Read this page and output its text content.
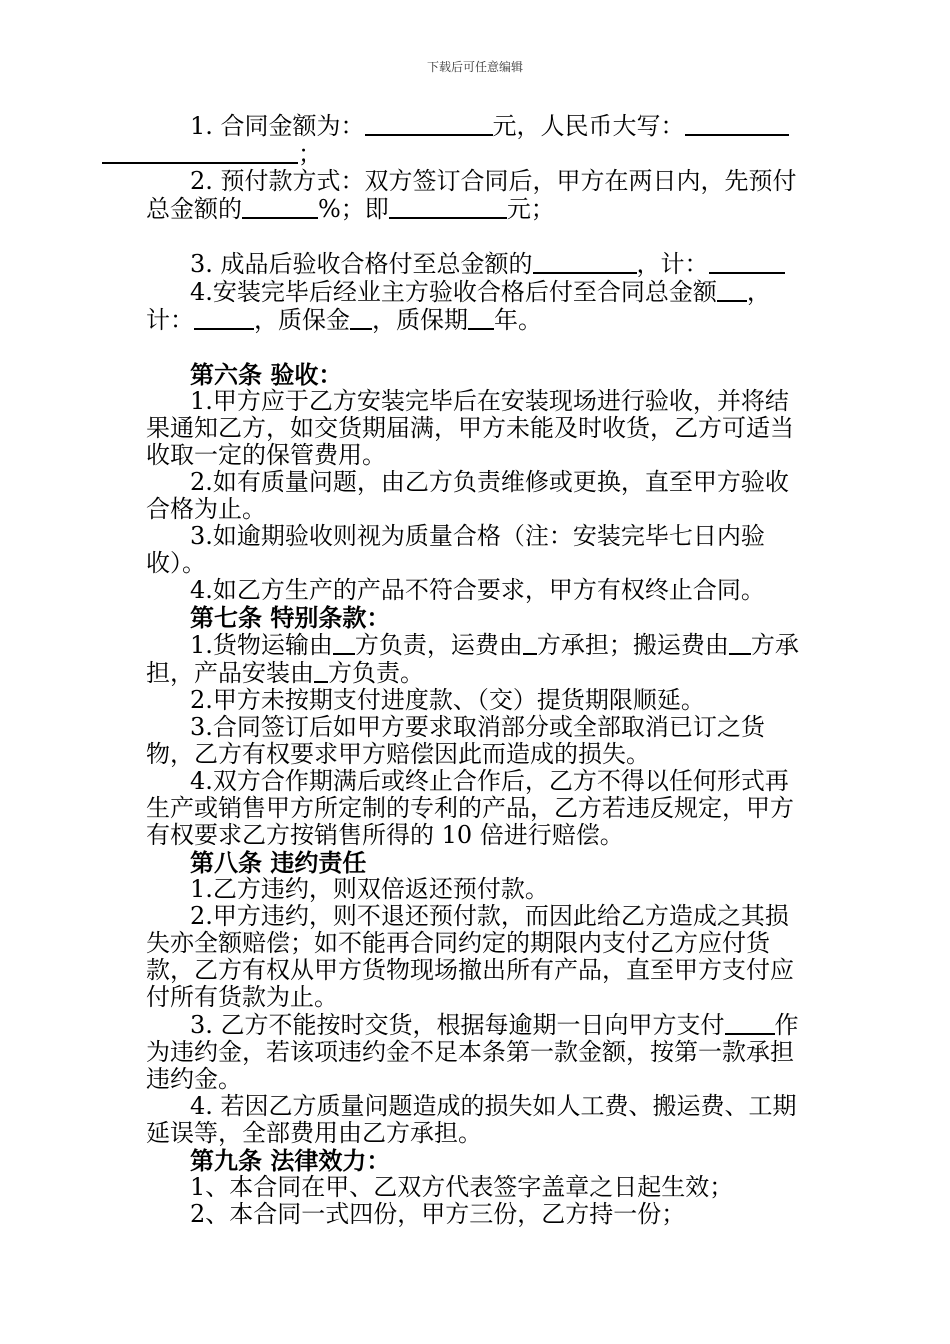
下载后可任意编辑

1. 合同金额为：	元，人民币大写：
；

2. 预付款方式：双方签订合同后，甲方在两日内，先预付总金额的	%；即	元；

3. 成品后验收合格付至总金额的	，计：

4.安装完毕后经业主方验收合格后付至合同总金额 ，计：	，质保金 ，质保期 年。

第六条 验收：

1.甲方应于乙方安装完毕后在安装现场进行验收，并将结果通知乙方，如交货期届满，甲方未能及时收货，乙方可适当收取一定的保管费用。

2.如有质量问题，由乙方负责维修或更换，直至甲方验收合格为止。

3.如逾期验收则视为质量合格（注：安装完毕七日内验收）。

4.如乙方生产的产品不符合要求，甲方有权终止合同。

第七条 特别条款：

1.货物运输由 方负责，运费由 方承担；搬运费由 方承担，产品安装由 方负责。

2.甲方未按期支付进度款、（交）提货期限顺延。

3.合同签订后如甲方要求取消部分或全部取消已订之货物，乙方有权要求甲方赔偿因此而造成的损失。

4.双方合作期满后或终止合作后，乙方不得以任何形式再生产或销售甲方所定制的专利的产品，乙方若违反规定，甲方有权要求乙方按销售所得的 10 倍进行赔偿。

第八条 违约责任

1.乙方违约，则双倍返还预付款。

2.甲方违约，则不退还预付款，而因此给乙方造成之其损失亦全额赔偿；如不能再合同约定的期限内支付乙方应付货款，乙方有权从甲方货物现场撤出所有产品，直至甲方支付应付所有货款为止。

3. 乙方不能按时交货，根据每逾期一日向甲方支付 作为违约金，若该项违约金不足本条第一款金额，按第一款承担违约金。

4. 若因乙方质量问题造成的损失如人工费、搬运费、工期延误等，全部费用由乙方承担。

第九条 法律效力：

1、本合同在甲、乙双方代表签字盖章之日起生效；

2、本合同一式四份，甲方三份，乙方持一份；
